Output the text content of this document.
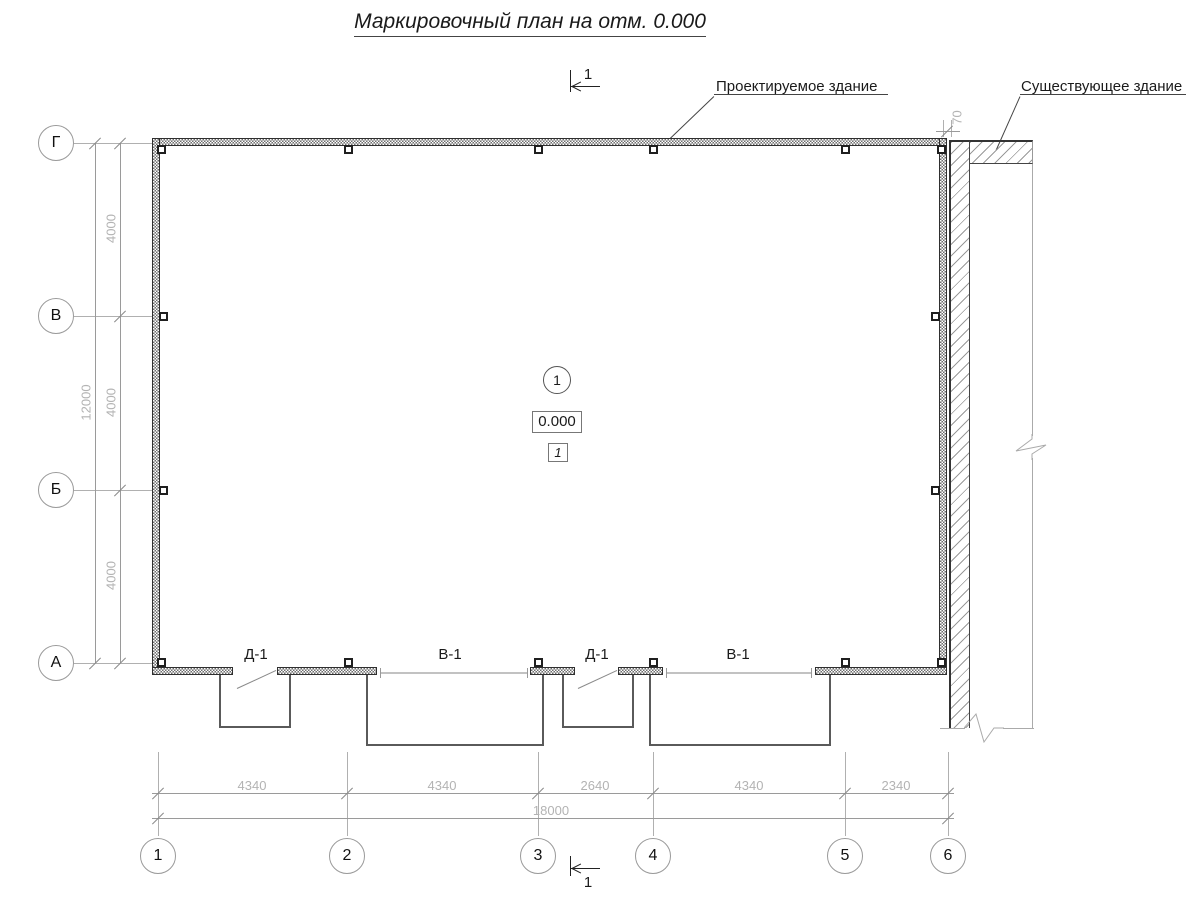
Маркировочный план на отм. 0.000
1
1
Проектируемое здание	Существующее здание
70
4000
4000
4000
12000
Г
В
Б
А	Д-1	В-1	Д-1	В-1
1
0.000
1
4340	4340	2640	4340	2340
18000
1	2	3	4	5	6
